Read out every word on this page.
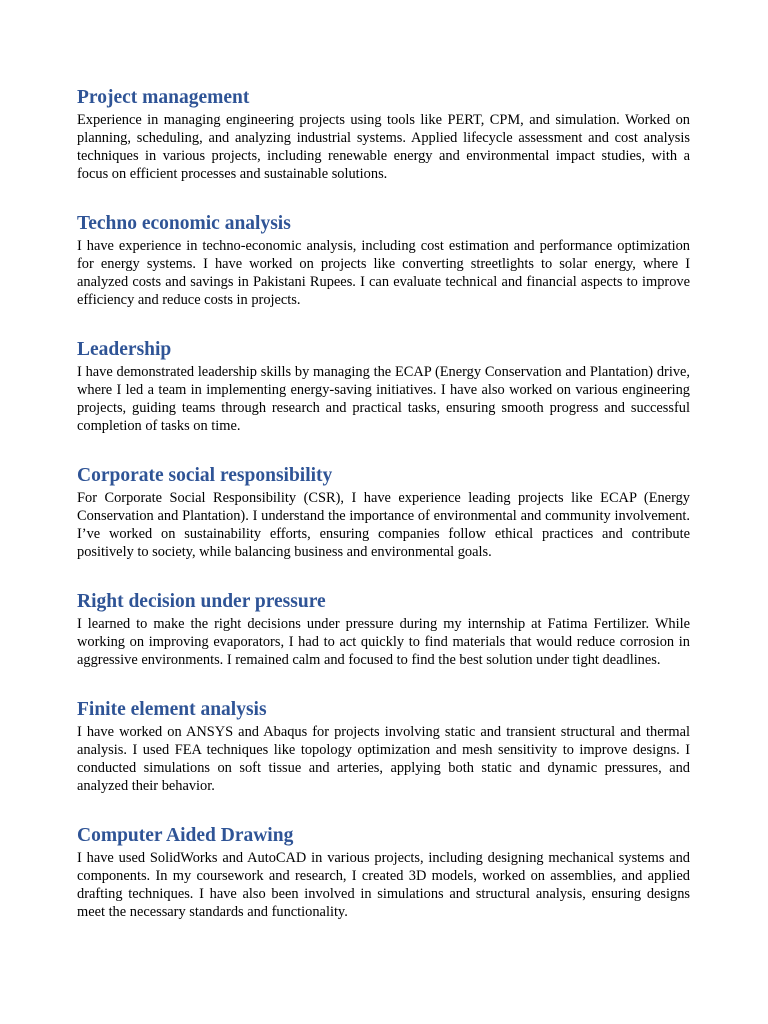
Project management

Experience in managing engineering projects using tools like PERT, CPM, and simulation. Worked on planning, scheduling, and analyzing industrial systems. Applied lifecycle assessment and cost analysis techniques in various projects, including renewable energy and environmental impact studies, with a focus on efficient processes and sustainable solutions.

Techno economic analysis

I have experience in techno-economic analysis, including cost estimation and performance optimization for energy systems. I have worked on projects like converting streetlights to solar energy, where I analyzed costs and savings in Pakistani Rupees. I can evaluate technical and financial aspects to improve efficiency and reduce costs in projects.

Leadership

I have demonstrated leadership skills by managing the ECAP (Energy Conservation and Plantation) drive, where I led a team in implementing energy-saving initiatives. I have also worked on various engineering projects, guiding teams through research and practical tasks, ensuring smooth progress and successful completion of tasks on time.

Corporate social responsibility

For Corporate Social Responsibility (CSR), I have experience leading projects like ECAP (Energy Conservation and Plantation). I understand the importance of environmental and community involvement. I’ve worked on sustainability efforts, ensuring companies follow ethical practices and contribute positively to society, while balancing business and environmental goals.

Right decision under pressure

I learned to make the right decisions under pressure during my internship at Fatima Fertilizer. While working on improving evaporators, I had to act quickly to find materials that would reduce corrosion in aggressive environments. I remained calm and focused to find the best solution under tight deadlines.

Finite element analysis

I have worked on ANSYS and Abaqus for projects involving static and transient structural and thermal analysis. I used FEA techniques like topology optimization and mesh sensitivity to improve designs. I conducted simulations on soft tissue and arteries, applying both static and dynamic pressures, and analyzed their behavior.

Computer Aided Drawing

I have used SolidWorks and AutoCAD in various projects, including designing mechanical systems and components. In my coursework and research, I created 3D models, worked on assemblies, and applied drafting techniques. I have also been involved in simulations and structural analysis, ensuring designs meet the necessary standards and functionality.
